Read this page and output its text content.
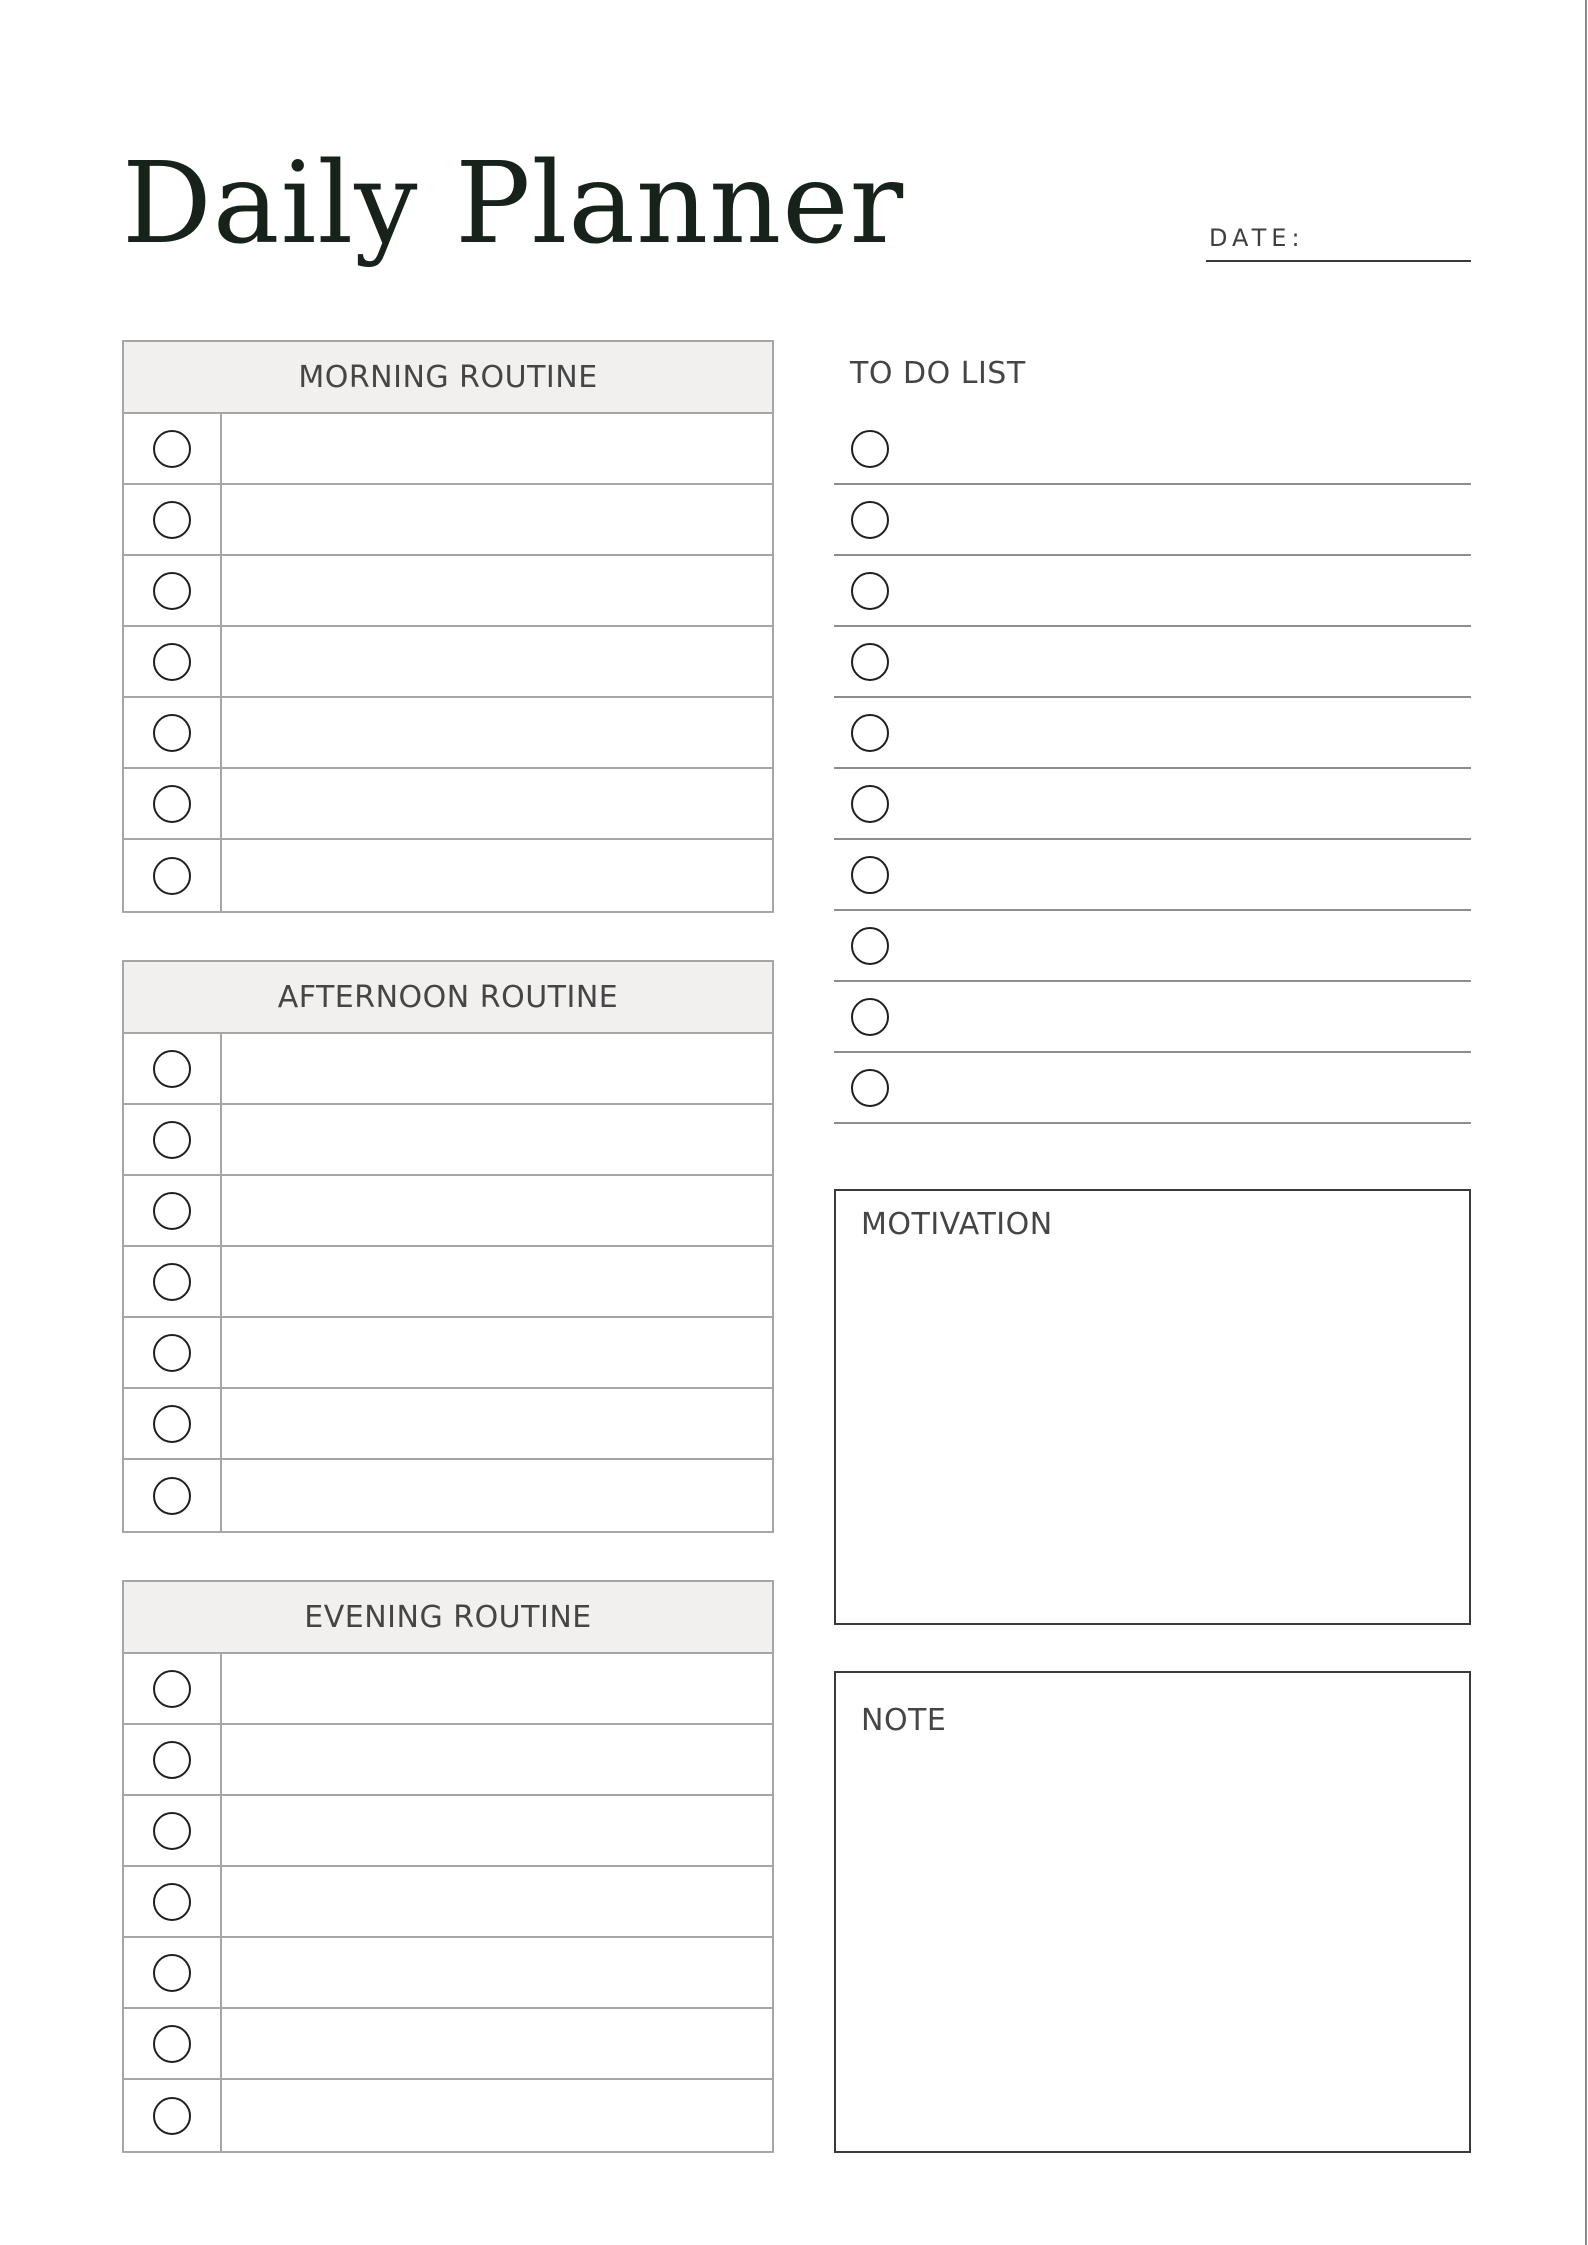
Daily Planner	DATE:
MORNING ROUTINE
AFTERNOON ROUTINE
EVENING ROUTINE
TO DO LIST
MOTIVATION
NOTE
